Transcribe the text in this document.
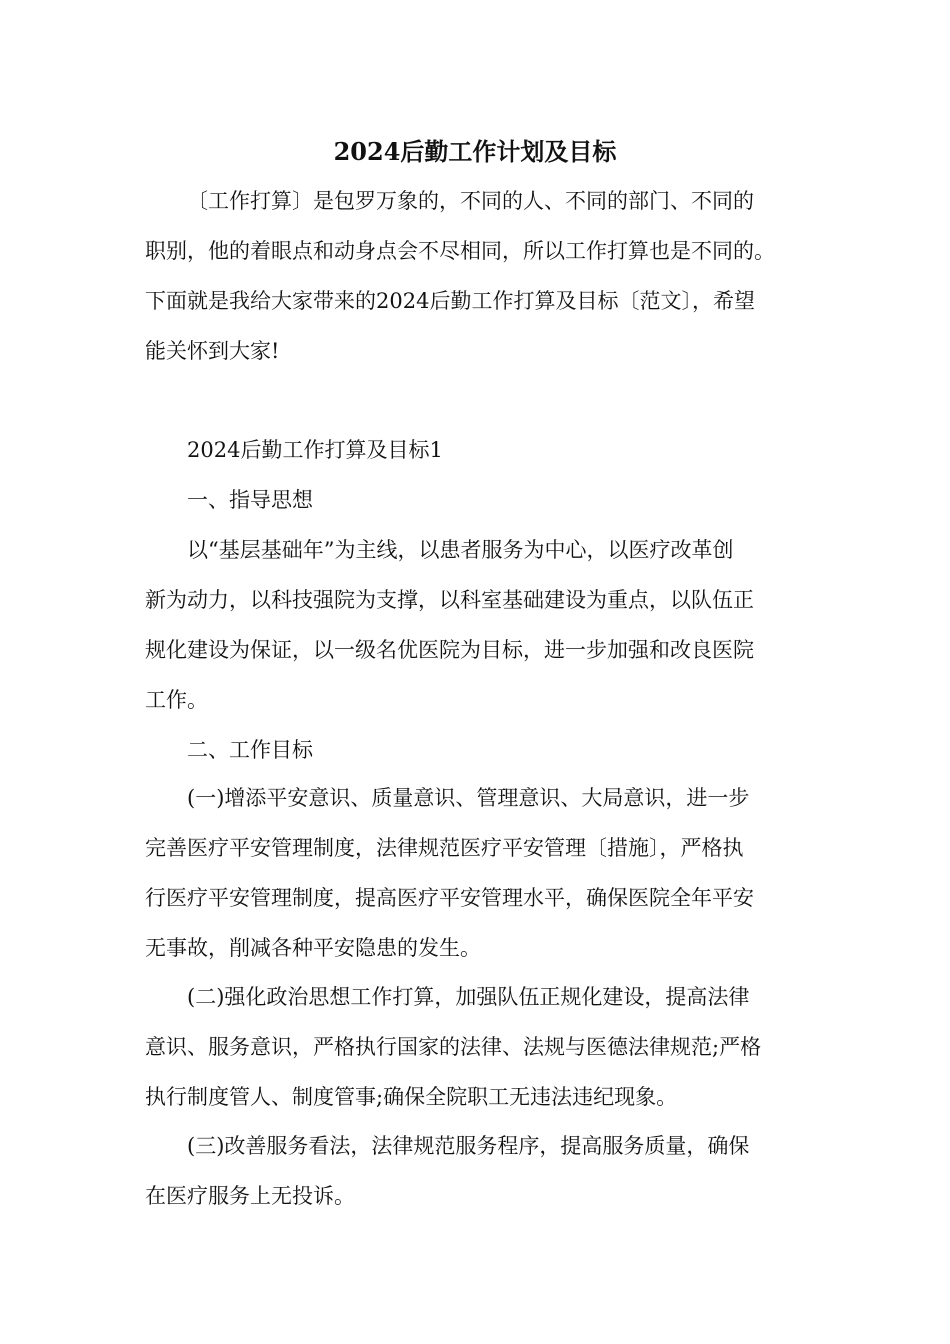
2024后勤工作计划及目标
〔工作打算〕是包罗万象的，不同的人、不同的部门、不同的
职别，他的着眼点和动身点会不尽相同，所以工作打算也是不同的。
下面就是我给大家带来的2024后勤工作打算及目标〔范文〕，希望
能关怀到大家!
2024后勤工作打算及目标1
一、指导思想
以“基层基础年”为主线，以患者服务为中心，以医疗改革创
新为动力，以科技强院为支撑，以科室基础建设为重点，以队伍正
规化建设为保证，以一级名优医院为目标，进一步加强和改良医院
工作。
二、工作目标
(一)增添平安意识、质量意识、管理意识、大局意识，进一步
完善医疗平安管理制度，法律规范医疗平安管理〔措施〕，严格执
行医疗平安管理制度，提高医疗平安管理水平，确保医院全年平安
无事故，削减各种平安隐患的发生。
(二)强化政治思想工作打算，加强队伍正规化建设，提高法律
意识、服务意识，严格执行国家的法律、法规与医德法律规范;严格
执行制度管人、制度管事;确保全院职工无违法违纪现象。
(三)改善服务看法，法律规范服务程序，提高服务质量，确保
在医疗服务上无投诉。
